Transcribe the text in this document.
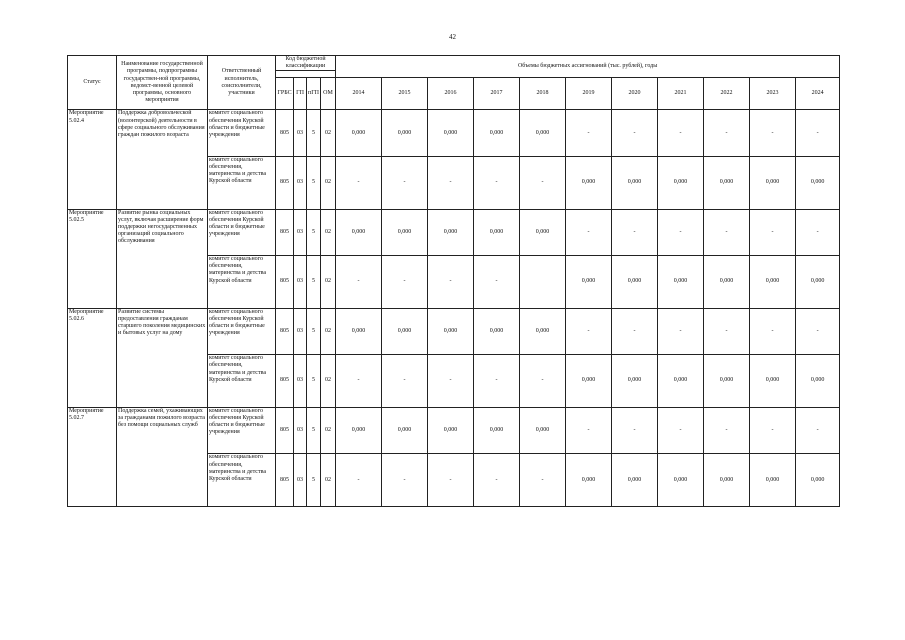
42
Статус	Наименование государственной программы, подпрограммы государствен-ной программы, ведомст-венной целевой программы, основного мероприятия	Ответственный исполнитель, соисполнители, участники	Код бюджетной классификации				Объемы бюджетных ассигнований (тыс. рублей), годы										

			ГРБС	ГП	пГП	ОМ	2014	2015	2016	2017	2018	2019	2020	2021	2022	2023	2024
Мероприятие 5.02.4	Поддержка добровольческой (волонтерской) деятельности в сфере социального обслуживания граждан пожилого возраста	комитет социального обеспечения Курской области и бюджетные учреждения	805	03	5	02	0,000	0,000	0,000	0,000	0,000	-	-	-	-	-	-
		комитет социального обеспечения, материнства и детства Курской области	805	03	5	02	-	-	-	-	-	0,000	0,000	0,000	0,000	0,000	0,000
Мероприятие 5.02.5	Развитие рынка социальных услуг, включая расширение форм поддержки негосударственных организаций социального обслуживания	комитет социального обеспечения Курской области и бюджетные учреждения	805	03	5	02	0,000	0,000	0,000	0,000	0,000	-	-	-	-	-	-
		комитет социального обеспечения, материнства и детства Курской области	805	03	5	02	-	-	-	-		0,000	0,000	0,000	0,000	0,000	0,000
Мероприятие 5.02.6	Развитие системы предоставления гражданам старшего поколения медицинских и бытовых услуг на дому	комитет социального обеспечения Курской области и бюджетные учреждения	805	03	5	02	0,000	0,000	0,000	0,000	0,000	-	-	-	-	-	-
		комитет социального обеспечения, материнства и детства Курской области	805	03	5	02	-	-	-	-	-	0,000	0,000	0,000	0,000	0,000	0,000
Мероприятие 5.02.7	Поддержка семей, ухаживающих за гражданами пожилого возраста без помощи социальных служб	комитет социального обеспечения Курской области и бюджетные учреждения	805	03	5	02	0,000	0,000	0,000	0,000	0,000	-	-	-	-	-	-
		комитет социального обеспечения, материнства и детства Курской области	805	03	5	02	-	-	-	-	-	0,000	0,000	0,000	0,000	0,000	0,000
